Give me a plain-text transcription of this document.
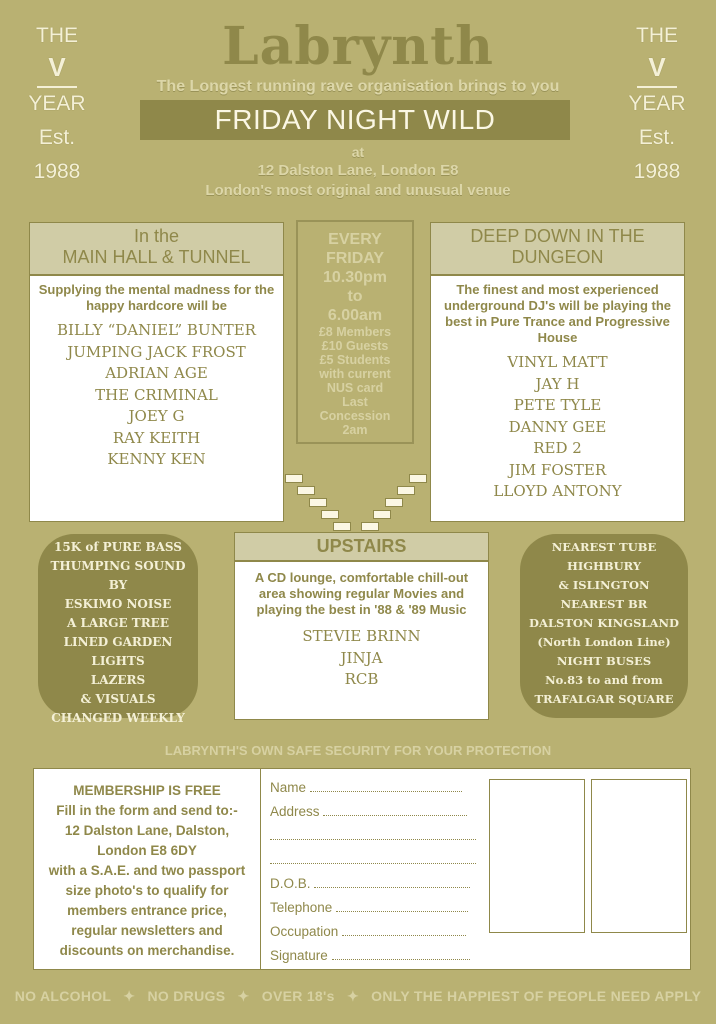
THE
V
YEAR
Est.
1988
THE
V
YEAR
Est.
1988
Labrynth
The Longest running rave organisation brings to you
FRIDAY NIGHT WILD
at
12 Dalston Lane, London E8
London's most original and unusual venue
In the
MAIN HALL & TUNNEL
Supplying the mental madness for the happy hardcore will be
BILLY “DANIEL” BUNTER
JUMPING JACK FROST
ADRIAN AGE
THE CRIMINAL
JOEY G
RAY KEITH
KENNY KEN
EVERY
FRIDAY
10.30pm
to
6.00am
£8 Members
£10 Guests
£5 Students
with current
NUS card
Last
Concession
2am
DEEP DOWN IN THE
DUNGEON
The finest and most experienced underground DJ's will be playing the best in Pure Trance and Progressive House
VINYL MATT
JAY H
PETE TYLE
DANNY GEE
RED 2
JIM FOSTER
LLOYD ANTONY
15K of PURE BASS
THUMPING SOUND
BY
ESKIMO NOISE
A LARGE TREE
LINED GARDEN
LIGHTS
LAZERS
& VISUALS
CHANGED WEEKLY
UPSTAIRS
A CD lounge, comfortable chill-out area showing regular Movies and playing the best in '88 & '89 Music
STEVIE BRINN
JINJA
RCB
NEAREST TUBE
HIGHBURY
& ISLINGTON
NEAREST BR
DALSTON KINGSLAND
(North London Line)
NIGHT BUSES
No.83 to and from
TRAFALGAR SQUARE
LABRYNTH'S OWN SAFE SECURITY FOR YOUR PROTECTION
MEMBERSHIP IS FREE
Fill in the form and send to:-
12 Dalston Lane, Dalston,
London E8 6DY
with a S.A.E. and two passport
size photo's to qualify for
members entrance price,
regular newsletters and
discounts on merchandise.
Name
Address
D.O.B.
Telephone
Occupation
Signature
NO ALCOHOL ✦ NO DRUGS ✦ OVER 18's ✦ ONLY THE HAPPIEST OF PEOPLE NEED APPLY
